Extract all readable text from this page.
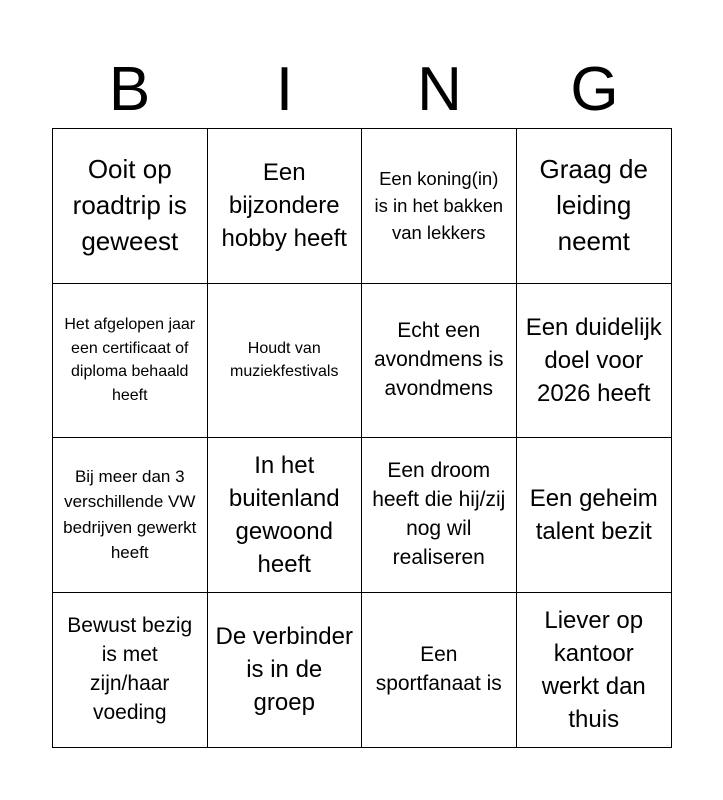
B	I	N	G
Ooit op roadtrip is geweest
Een bijzondere hobby heeft
Een koning(in) is in het bakken van lekkers
Graag de leiding neemt
Het afgelopen jaar een certificaat of diploma behaald heeft
Houdt van muziekfestivals
Echt een avondmens is avondmens
Een duidelijk doel voor 2026 heeft
Bij meer dan 3 verschillende VW bedrijven gewerkt heeft
In het buitenland gewoond heeft
Een droom heeft die hij/zij nog wil realiseren
Een geheim talent bezit
Bewust bezig is met zijn/haar voeding
De verbinder is in de groep
Een sportfanaat is
Liever op kantoor werkt dan thuis
